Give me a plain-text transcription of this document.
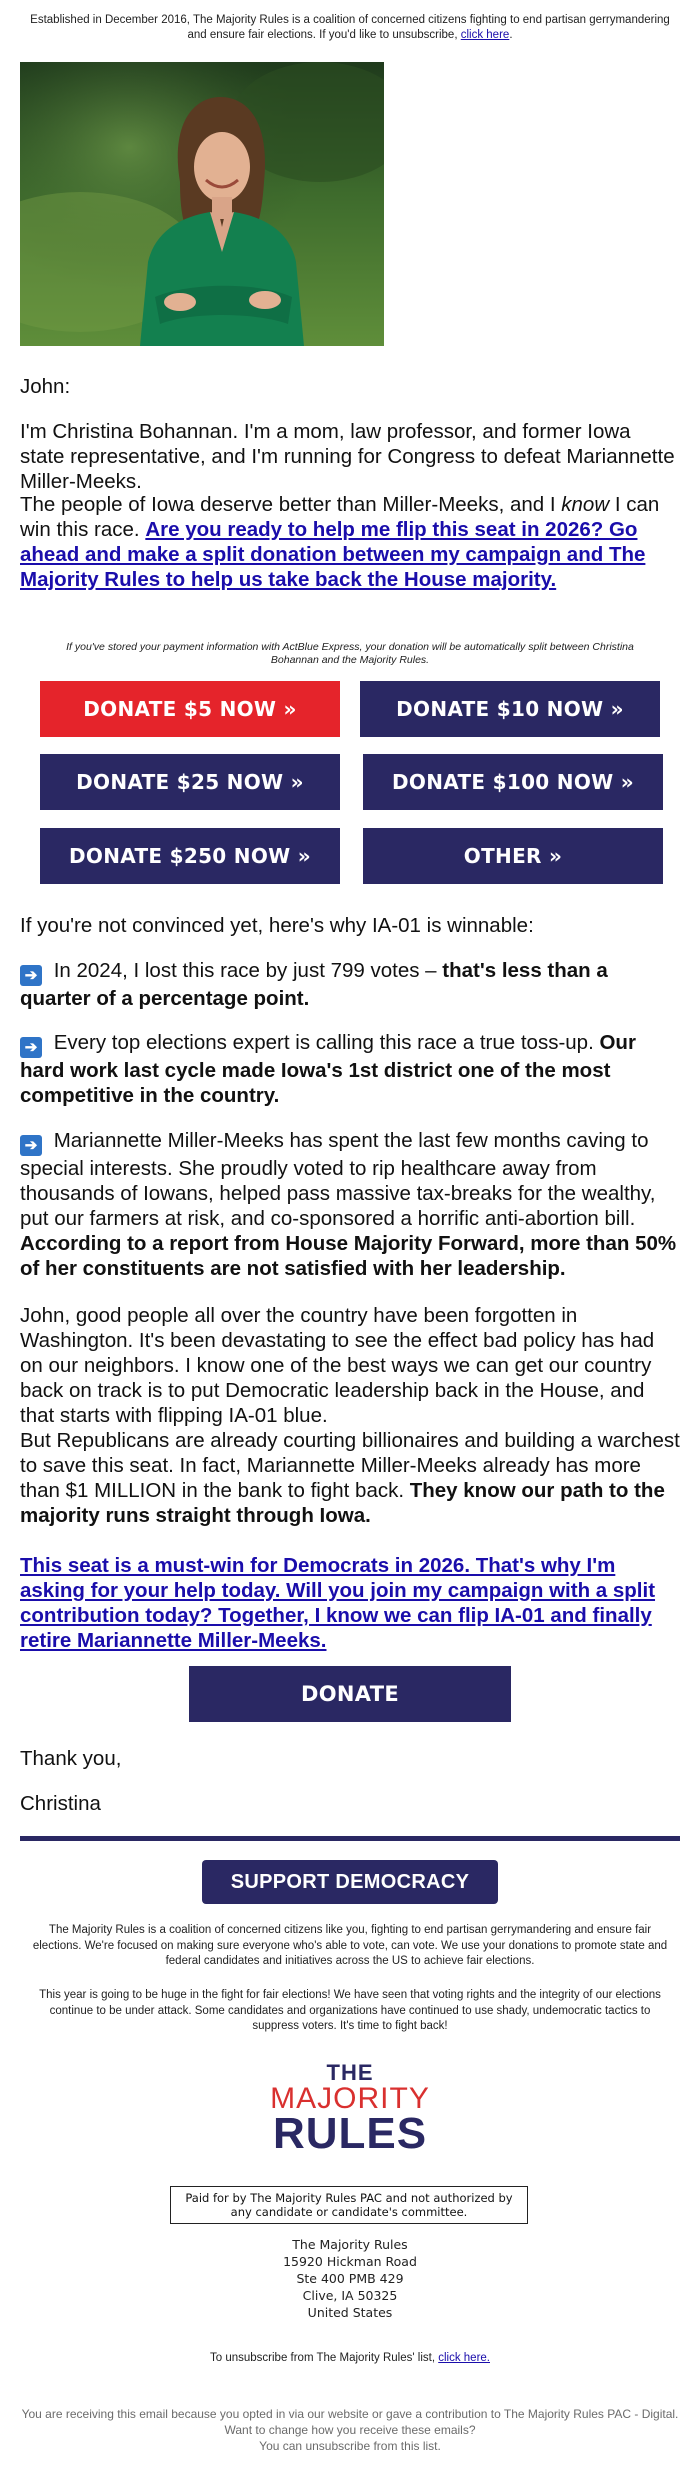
Established in December 2016, The Majority Rules is a coalition of concerned citizens fighting to end partisan gerrymandering and ensure fair elections. If you'd like to unsubscribe, click here.
John:
I'm Christina Bohannan. I'm a mom, law professor, and former Iowa state representative, and I'm running for Congress to defeat Mariannette Miller-Meeks.
The people of Iowa deserve better than Miller-Meeks, and I know I can win this race. Are you ready to help me flip this seat in 2026? Go ahead and make a split donation between my campaign and The Majority Rules to help us take back the House majority.
If you've stored your payment information with ActBlue Express, your donation will be automatically split between Christina Bohannan and the Majority Rules.
DONATE $5 NOW »	DONATE $10 NOW »
DONATE $25 NOW »	DONATE $100 NOW »
DONATE $250 NOW »	OTHER »
If you're not convinced yet, here's why IA-01 is winnable:
➔ In 2024, I lost this race by just 799 votes – that's less than a quarter of a percentage point.
➔ Every top elections expert is calling this race a true toss-up. Our hard work last cycle made Iowa's 1st district one of the most competitive in the country.
➔ Mariannette Miller-Meeks has spent the last few months caving to special interests. She proudly voted to rip healthcare away from thousands of Iowans, helped pass massive tax-breaks for the wealthy, put our farmers at risk, and co-sponsored a horrific anti-abortion bill. According to a report from House Majority Forward, more than 50% of her constituents are not satisfied with her leadership.
John, good people all over the country have been forgotten in Washington. It's been devastating to see the effect bad policy has had on our neighbors. I know one of the best ways we can get our country back on track is to put Democratic leadership back in the House, and that starts with flipping IA-01 blue.
But Republicans are already courting billionaires and building a warchest to save this seat. In fact, Mariannette Miller-Meeks already has more than $1 MILLION in the bank to fight back. They know our path to the majority runs straight through Iowa.
This seat is a must-win for Democrats in 2026. That's why I'm asking for your help today. Will you join my campaign with a split contribution today? Together, I know we can flip IA-01 and finally retire Mariannette Miller-Meeks.
DONATE
Thank you,
Christina
SUPPORT DEMOCRACY
The Majority Rules is a coalition of concerned citizens like you, fighting to end partisan gerrymandering and ensure fair elections. We're focused on making sure everyone who's able to vote, can vote. We use your donations to promote state and federal candidates and initiatives across the US to achieve fair elections.
This year is going to be huge in the fight for fair elections! We have seen that voting rights and the integrity of our elections continue to be under attack. Some candidates and organizations have continued to use shady, undemocratic tactics to suppress voters. It's time to fight back!
THE
MAJORITY
RULES
Paid for by The Majority Rules PAC and not authorized by any candidate or candidate's committee.
The Majority Rules
15920 Hickman Road
Ste 400 PMB 429
Clive, IA 50325
United States
To unsubscribe from The Majority Rules' list, click here.
You are receiving this email because you opted in via our website or gave a contribution to The Majority Rules PAC - Digital.
Want to change how you receive these emails?
You can unsubscribe from this list.
